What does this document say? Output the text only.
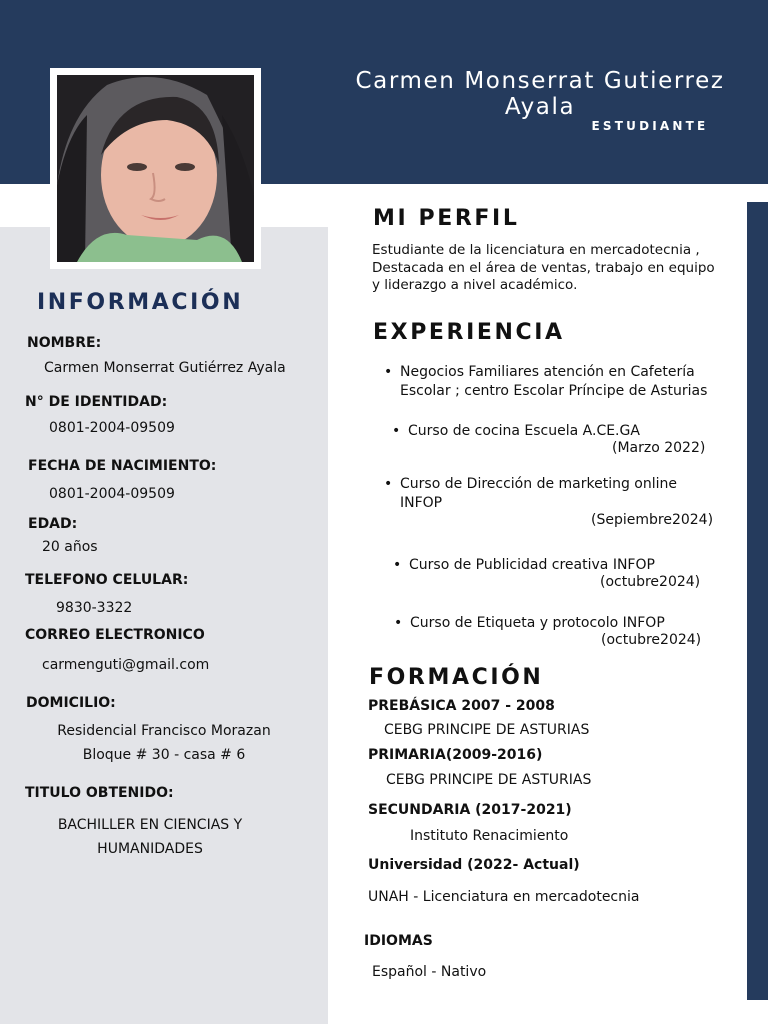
Carmen Monserrat Gutierrez Ayala
ESTUDIANTE
INFORMACIÓN
NOMBRE:
Carmen Monserrat Gutiérrez Ayala
N° DE IDENTIDAD:
0801-2004-09509
FECHA DE NACIMIENTO:
0801-2004-09509
EDAD:
20 años
TELEFONO CELULAR:
9830-3322
CORREO ELECTRONICO
carmenguti@gmail.com
DOMICILIO:
Residencial Francisco Morazan
Bloque # 30 - casa # 6
TITULO OBTENIDO:
BACHILLER EN CIENCIAS Y
HUMANIDADES
MI PERFIL
Estudiante de la licenciatura en mercadotecnia , Destacada en el área de ventas, trabajo en equipo y liderazgo a nivel académico.
EXPERIENCIA
• Negocios Familiares atención en Cafetería
Escolar ; centro Escolar Príncipe de Asturias
• Curso de cocina Escuela A.CE.GA
(Marzo 2022)
• Curso de Dirección de marketing online
INFOP
(Sepiembre2024)
• Curso de Publicidad creativa INFOP
(octubre2024)
• Curso de Etiqueta y protocolo INFOP
(octubre2024)
FORMACIÓN
PREBÁSICA 2007 - 2008
CEBG PRINCIPE DE ASTURIAS
PRIMARIA(2009-2016)
CEBG PRINCIPE DE ASTURIAS
SECUNDARIA (2017-2021)
Instituto Renacimiento
Universidad (2022- Actual)
UNAH - Licenciatura en mercadotecnia
IDIOMAS
Español - Nativo
